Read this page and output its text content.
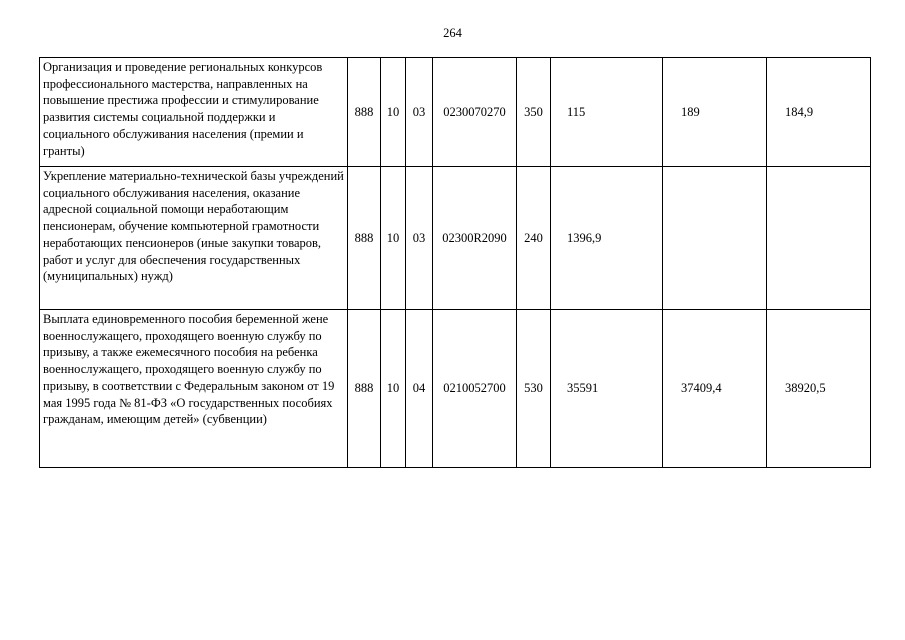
264
Организация и проведение региональных конкурсов профессионального мастерства, направленных на повышение престижа профессии и стимулирование развития системы социальной поддержки и социального обслуживания населения (премии и гранты)	888	10	03	0230070270	350	115	189	184,9
Укрепление материально-технической базы учреждений социального обслуживания населения, оказание адресной социальной помощи неработающим пенсионерам, обучение компьютерной грамотности неработающих пенсионеров (иные закупки товаров, работ и услуг для обеспечения государственных (муниципальных) нужд)	888	10	03	02300R2090	240	1396,9		
Выплата единовременного пособия беременной жене военнослужащего, проходящего военную службу по призыву, а также ежемесячного пособия на ребенка военнослужащего, проходящего военную службу по призыву, в соответствии с Федеральным законом от 19 мая 1995 года № 81-ФЗ «О государственных пособиях гражданам, имеющим детей» (субвенции)	888	10	04	0210052700	530	35591	37409,4	38920,5
